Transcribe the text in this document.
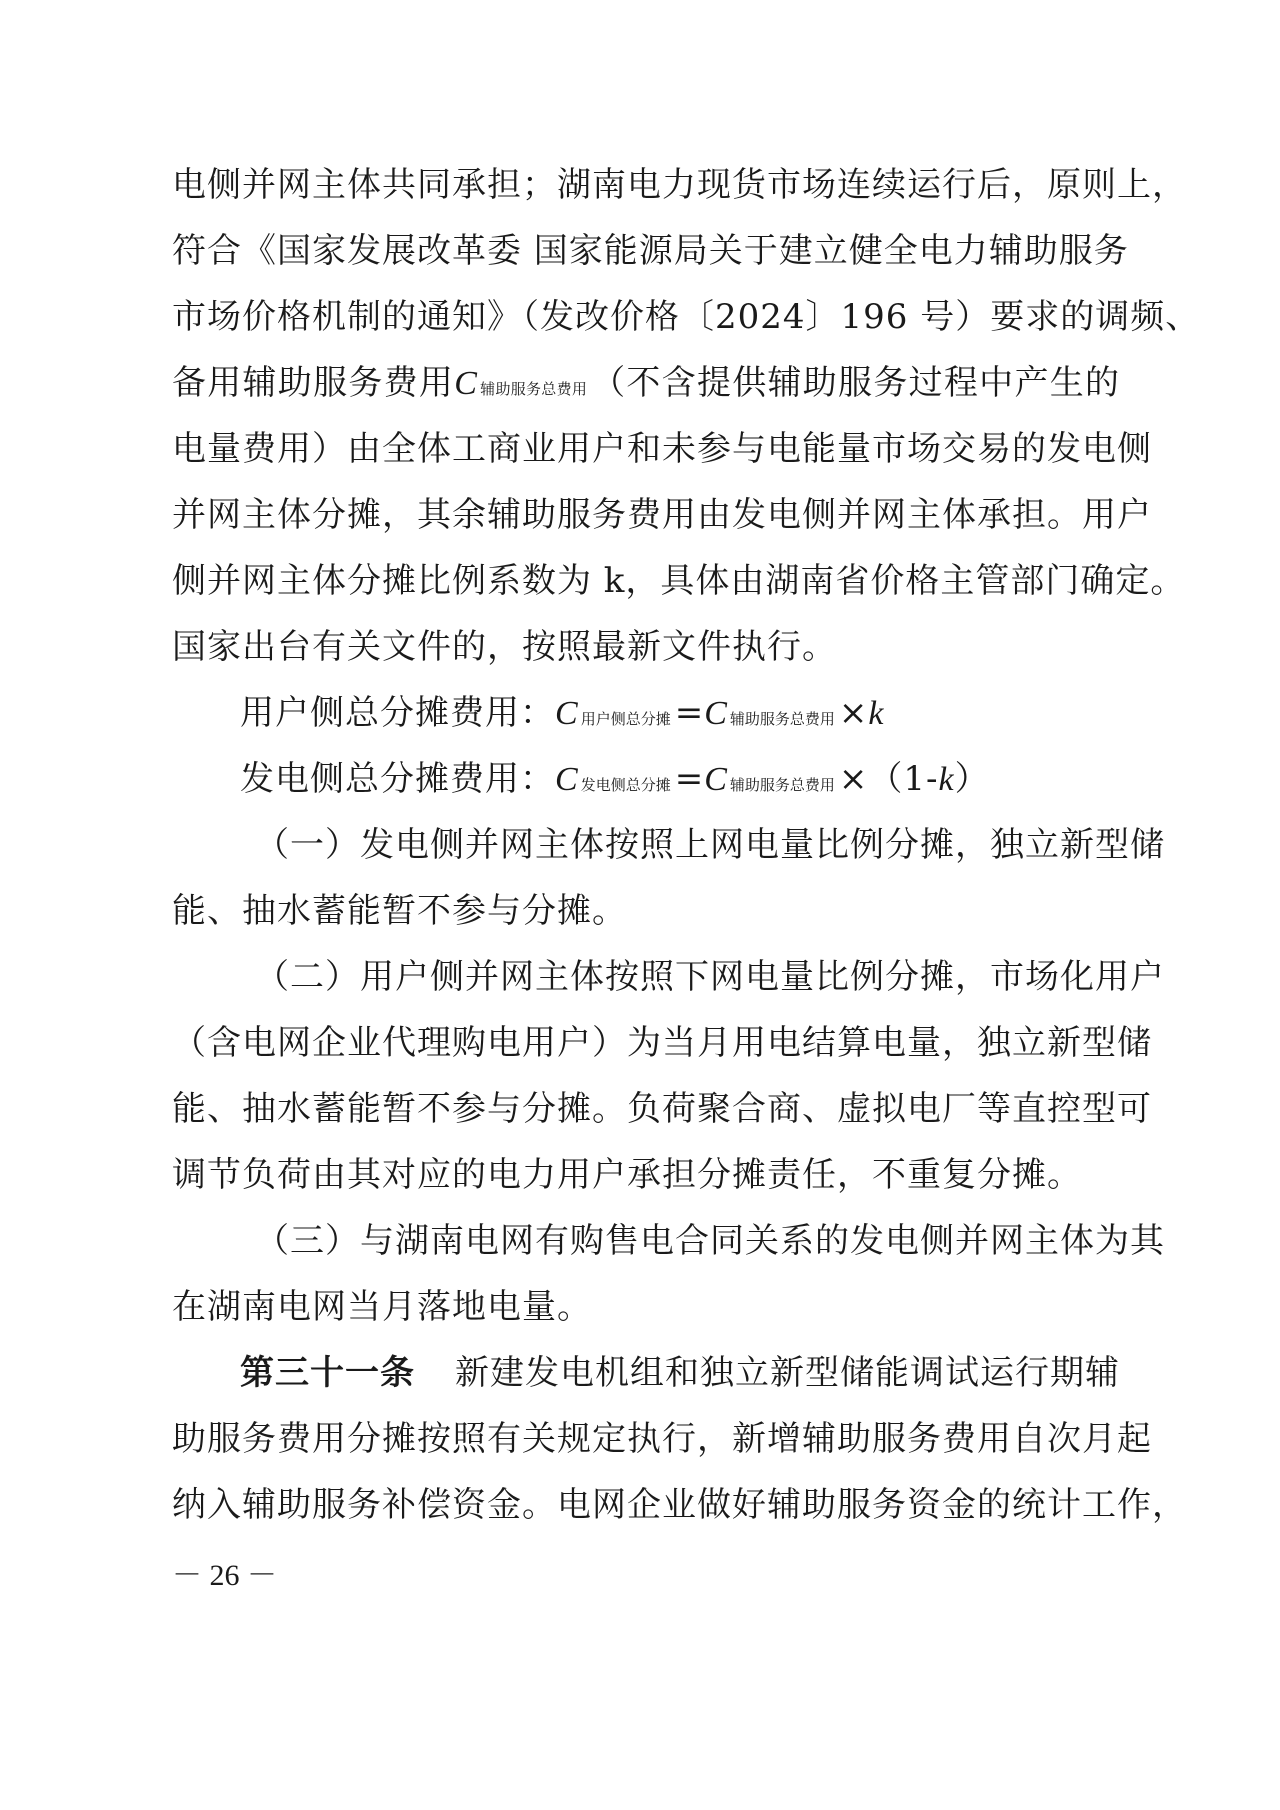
电侧并网主体共同承担；湖南电力现货市场连续运行后，原则上，
符合《国家发展改革委 国家能源局关于建立健全电力辅助服务
市场价格机制的通知》（发改价格〔2024〕196 号）要求的调频、
备用辅助服务费用C 辅助服务总费用 （不含提供辅助服务过程中产生的
电量费用）由全体工商业用户和未参与电能量市场交易的发电侧
并网主体分摊，其余辅助服务费用由发电侧并网主体承担。用户
侧并网主体分摊比例系数为 k，具体由湖南省价格主管部门确定。
国家出台有关文件的，按照最新文件执行。
用户侧总分摊费用：C 用户侧总分摊 =C 辅助服务总费用 ×k
发电侧总分摊费用：C 发电侧总分摊 =C 辅助服务总费用 ×（1-k）
（一）发电侧并网主体按照上网电量比例分摊，独立新型储
能、抽水蓄能暂不参与分摊。
（二）用户侧并网主体按照下网电量比例分摊，市场化用户
（含电网企业代理购电用户）为当月用电结算电量，独立新型储
能、抽水蓄能暂不参与分摊。负荷聚合商、虚拟电厂等直控型可
调节负荷由其对应的电力用户承担分摊责任，不重复分摊。
（三）与湖南电网有购售电合同关系的发电侧并网主体为其
在湖南电网当月落地电量。
第三十一条 新建发电机组和独立新型储能调试运行期辅
助服务费用分摊按照有关规定执行，新增辅助服务费用自次月起
纳入辅助服务补偿资金。电网企业做好辅助服务资金的统计工作，
－ 26 －
